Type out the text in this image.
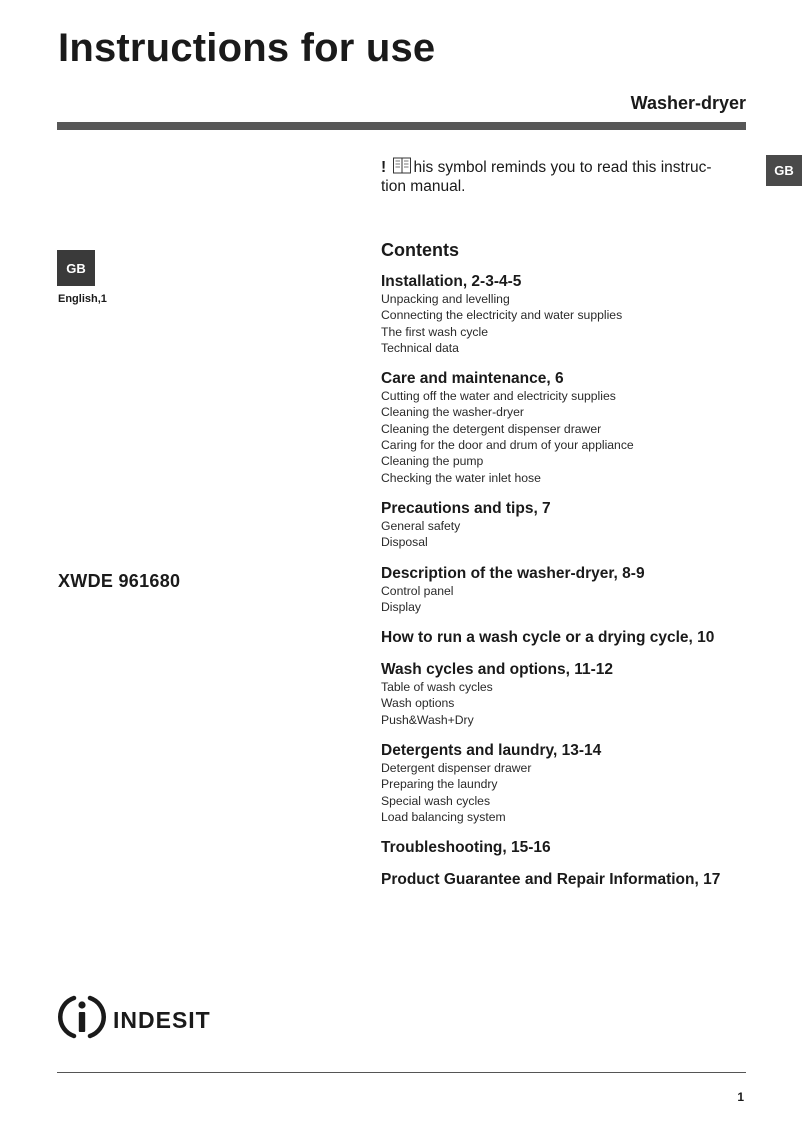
Instructions for use
Washer-dryer
GB
! his symbol reminds you to read this instruc-tion manual.
GB
English,1
XWDE 961680
Contents
Installation, 2-3-4-5
Unpacking and levelling
Connecting the electricity and water supplies
The first wash cycle
Technical data
Care and maintenance, 6
Cutting off the water and electricity supplies
Cleaning the washer-dryer
Cleaning the detergent dispenser drawer
Caring for the door and drum of your appliance
Cleaning the pump
Checking the water inlet hose
Precautions and tips, 7
General safety
Disposal
Description of the washer-dryer, 8-9
Control panel
Display
How to run a wash cycle or a drying cycle, 10
Wash cycles and options, 11-12
Table of wash cycles
Wash options
Push&Wash+Dry
Detergents and laundry, 13-14
Detergent dispenser drawer
Preparing the laundry
Special wash cycles
Load balancing system
Troubleshooting, 15-16
Product Guarantee and Repair Information, 17
indesit
1
